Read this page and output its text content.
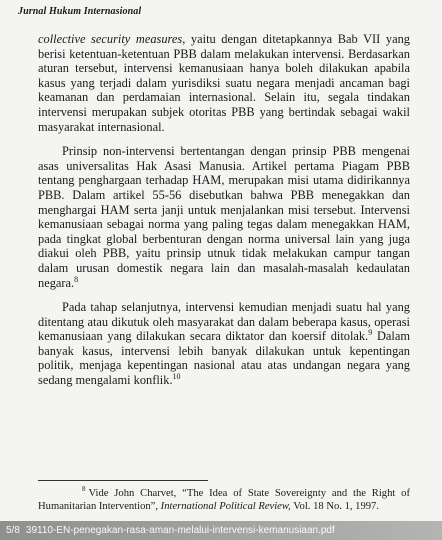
Jurnal Hukum Internasional

collective security measures, yaitu dengan ditetapkannya Bab VII yang berisi ketentuan-ketentuan PBB dalam melakukan intervensi. Berdasarkan aturan tersebut, intervensi kemanusiaan hanya boleh dilakukan apabila kasus yang terjadi dalam yurisdiksi suatu negara menjadi ancaman bagi keamanan dan perdamaian internasional. Selain itu, segala tindakan intervensi merupakan subjek otoritas PBB yang bertindak sebagai wakil masyarakat internasional.

Prinsip non-intervensi bertentangan dengan prinsip PBB mengenai asas universalitas Hak Asasi Manusia. Artikel pertama Piagam PBB tentang penghargaan terhadap HAM, merupakan misi utama didirikannya PBB. Dalam artikel 55-56 disebutkan bahwa PBB menegakkan dan menghargai HAM serta janji untuk menjalankan misi tersebut. Intervensi kemanusiaan sebagai norma yang paling tegas dalam menegakkan HAM, pada tingkat global berbenturan dengan norma universal lain yang juga diakui oleh PBB, yaitu prinsip utnuk tidak melakukan campur tangan dalam urusan domestik negara lain dan masalah-masalah kedaulatan negara.$^8$

Pada tahap selanjutnya, intervensi kemudian menjadi suatu hal yang ditentang atau dikutuk oleh masyarakat dan dalam beberapa kasus, operasi kemanusiaan yang dilakukan secara diktator dan koersif ditolak.$^9$ Dalam banyak kasus, intervensi lebih banyak dilakukan untuk kepentingan politik, menjaga kepentingan nasional atau atas undangan negara yang sedang mengalami konflik.$^{10}$

$^8$ Vide John Charvet, “The Idea of State Sovereignty and the Right of Humanitarian Intervention”, International Political Review, Vol. 18 No. 1, 1997.
5/8 39110-EN-penegakan-rasa-aman-melalui-intervensi-kemanusiaan.pdf
